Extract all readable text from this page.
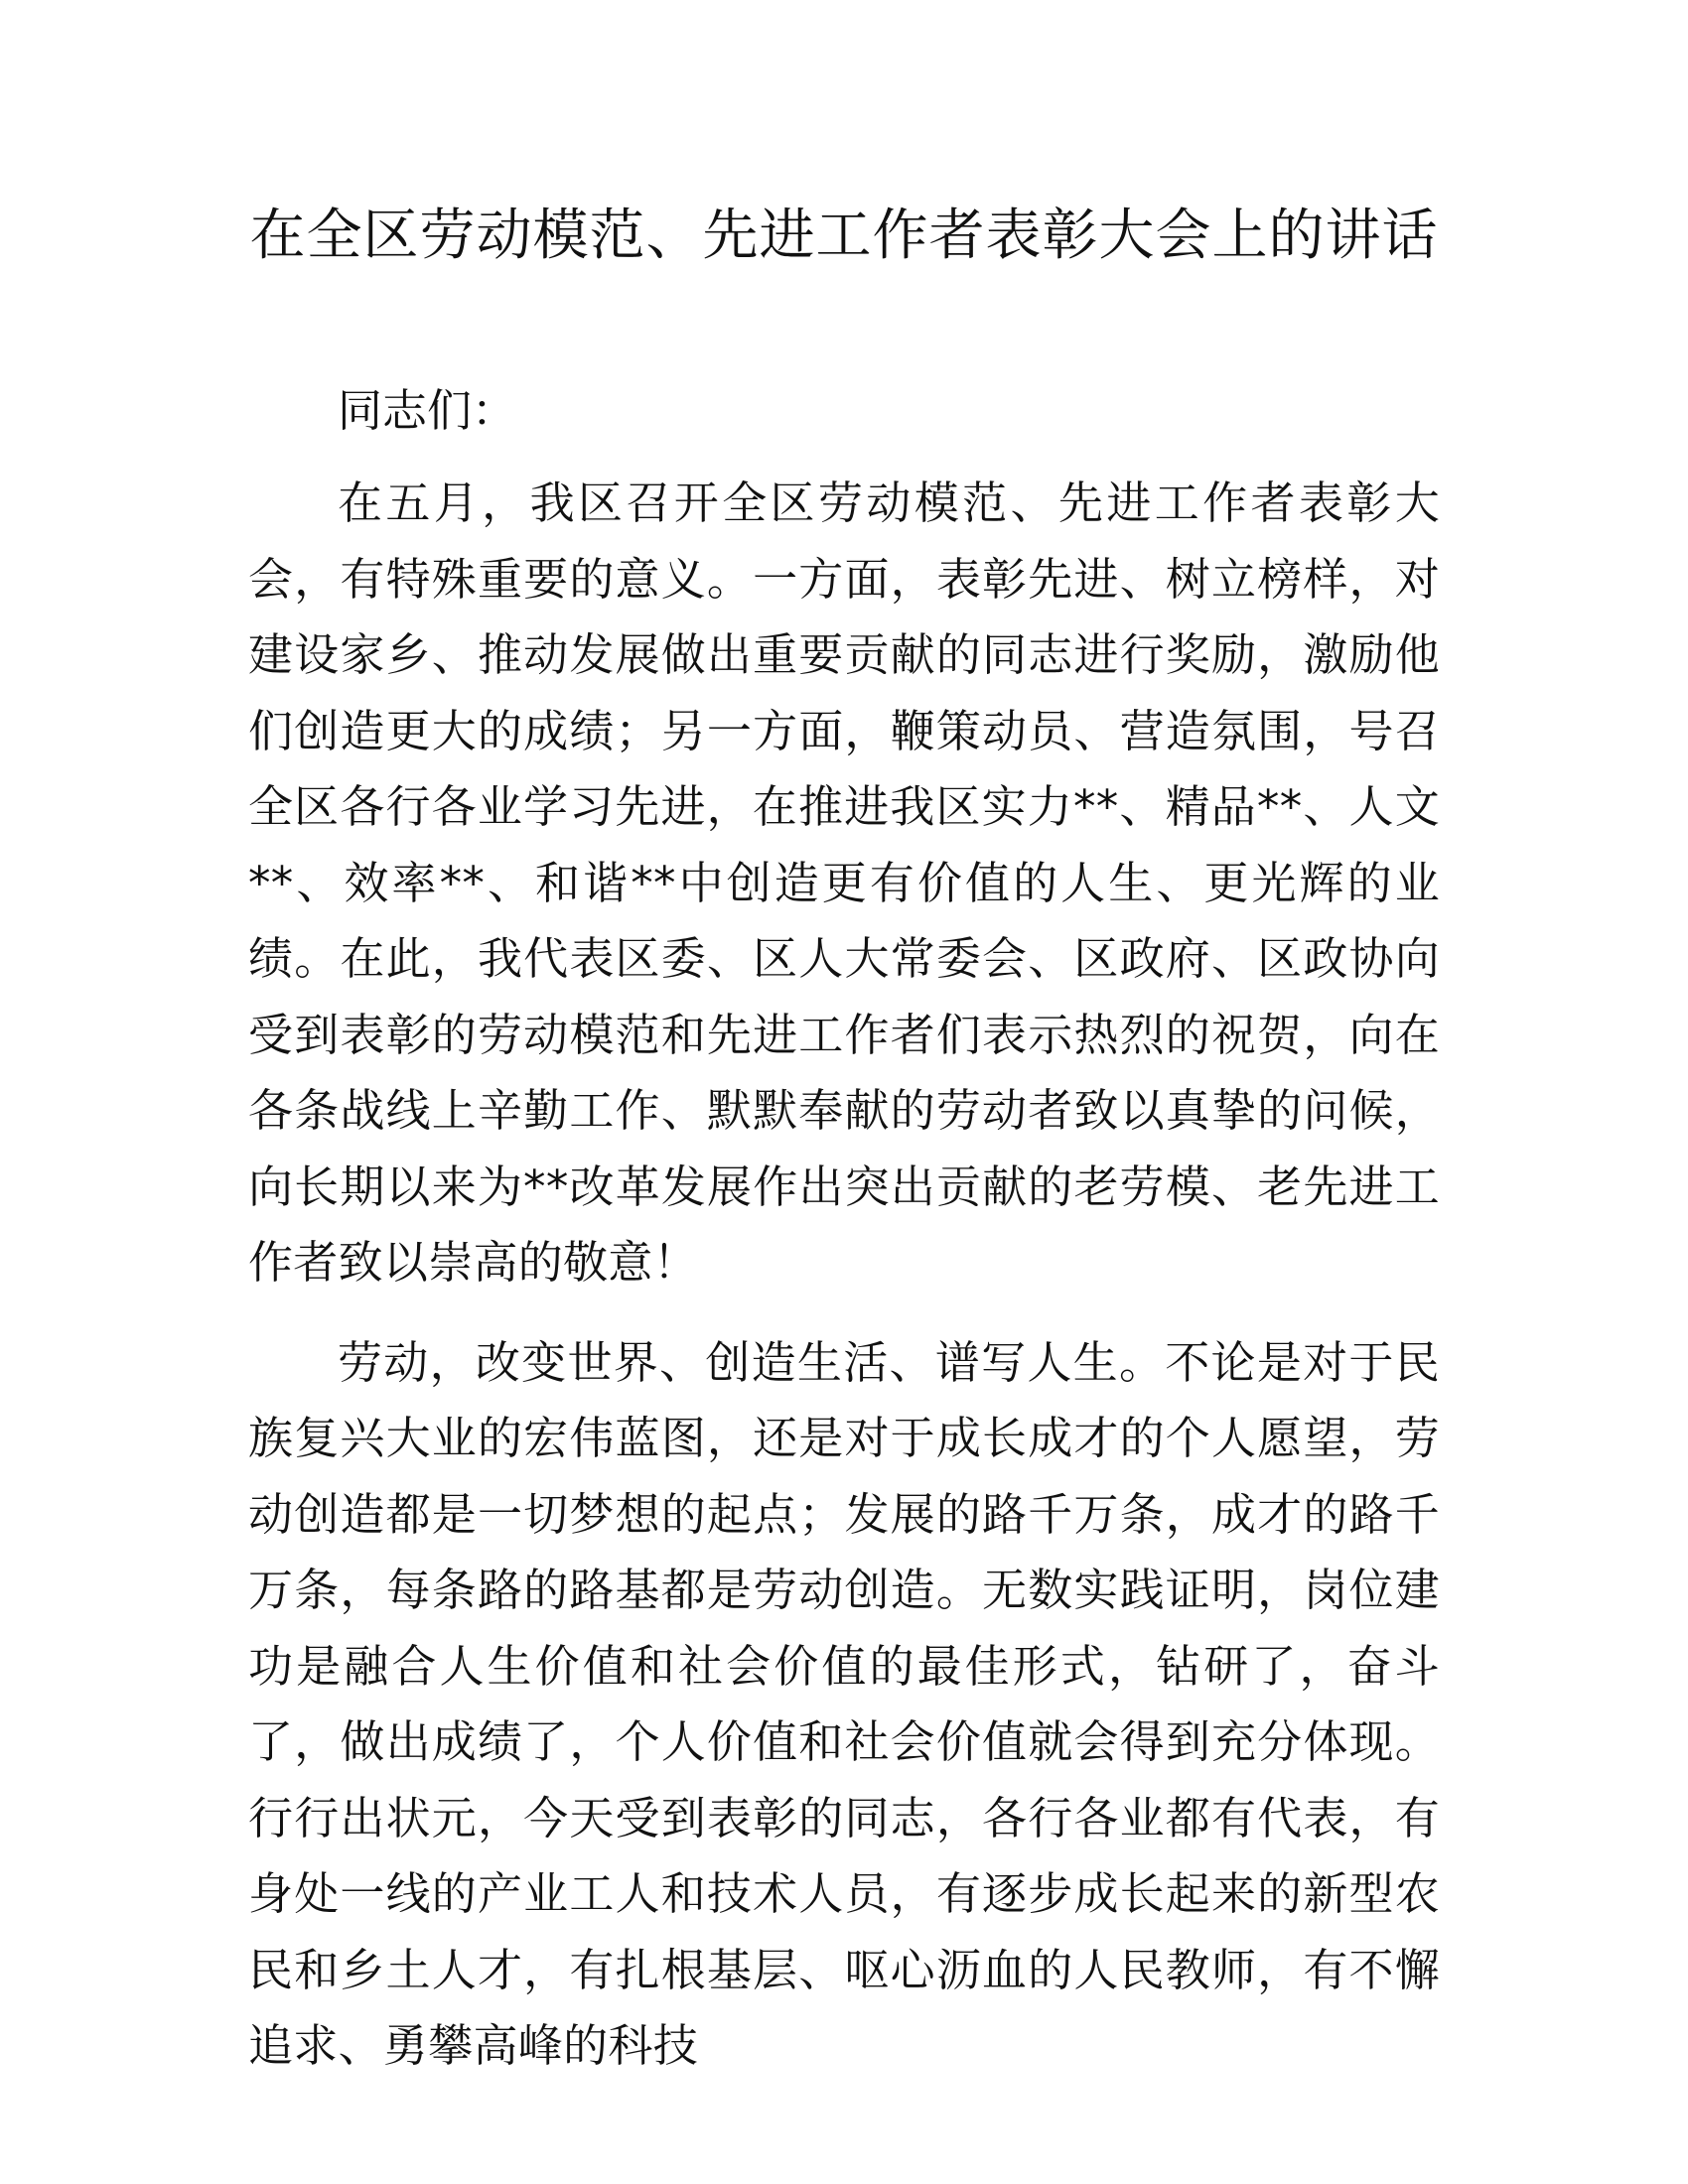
在全区劳动模范、先进工作者表彰大会上的讲话

同志们：

在五月，我区召开全区劳动模范、先进工作者表彰大会，有特殊重要的意义。一方面，表彰先进、树立榜样，对建设家乡、推动发展做出重要贡献的同志进行奖励，激励他们创造更大的成绩；另一方面，鞭策动员、营造氛围，号召全区各行各业学习先进，在推进我区实力**、精品**、人文**、效率**、和谐**中创造更有价值的人生、更光辉的业绩。在此，我代表区委、区人大常委会、区政府、区政协向受到表彰的劳动模范和先进工作者们表示热烈的祝贺，向在各条战线上辛勤工作、默默奉献的劳动者致以真挚的问候，向长期以来为**改革发展作出突出贡献的老劳模、老先进工作者致以崇高的敬意！

劳动，改变世界、创造生活、谱写人生。不论是对于民族复兴大业的宏伟蓝图，还是对于成长成才的个人愿望，劳动创造都是一切梦想的起点；发展的路千万条，成才的路千万条，每条路的路基都是劳动创造。无数实践证明，岗位建功是融合人生价值和社会价值的最佳形式，钻研了，奋斗了，做出成绩了，个人价值和社会价值就会得到充分体现。行行出状元，今天受到表彰的同志，各行各业都有代表，有身处一线的产业工人和技术人员，有逐步成长起来的新型农民和乡土人才，有扎根基层、呕心沥血的人民教师，有不懈追求、勇攀高峰的科技
